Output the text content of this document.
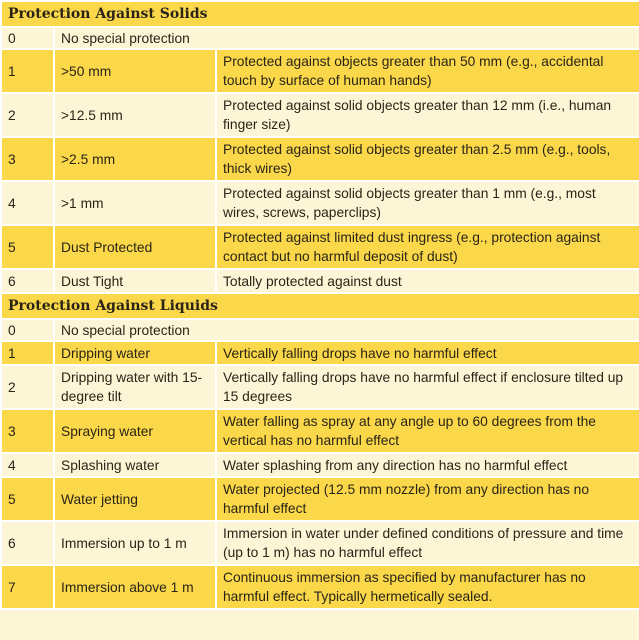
Protection Against Solids		
0	No special protection	
1	>50 mm	Protected against objects greater than 50 mm (e.g., accidental touch by surface of human hands)
2	>12.5 mm	Protected against solid objects greater than 12 mm (i.e., human finger size)
3	>2.5 mm	Protected against solid objects greater than 2.5 mm (e.g., tools, thick wires)
4	>1 mm	Protected against solid objects greater than 1 mm (e.g., most wires, screws, paperclips)
5	Dust Protected	Protected against limited dust ingress (e.g., protection against contact but no harmful deposit of dust)
6	Dust Tight	Totally protected against dust
Protection Against Liquids		
0	No special protection	
1	Dripping water	Vertically falling drops have no harmful effect
2	Dripping water with 15-degree tilt	Vertically falling drops have no harmful effect if enclosure tilted up 15 degrees
3	Spraying water	Water falling as spray at any angle up to 60 degrees from the vertical has no harmful effect
4	Splashing water	Water splashing from any direction has no harmful effect
5	Water jetting	Water projected (12.5 mm nozzle) from any direction has no harmful effect
6	Immersion up to 1 m	Immersion in water under defined conditions of pressure and time (up to 1 m) has no harmful effect
7	Immersion above 1 m	Continuous immersion as specified by manufacturer has no harmful effect. Typically hermetically sealed.
